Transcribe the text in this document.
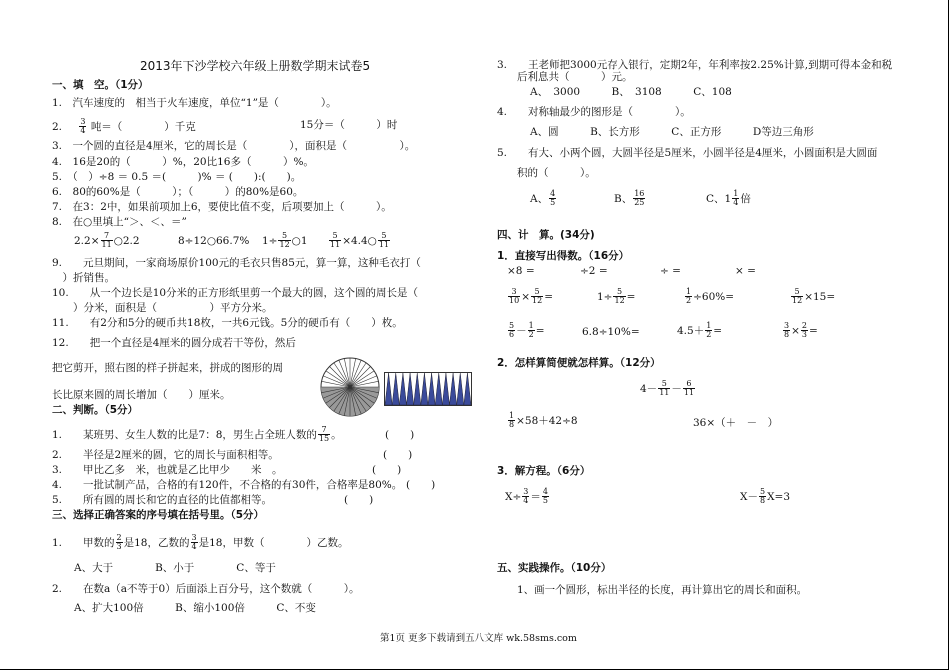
2013年下沙学校六年级上册数学期末试卷5
一、填　空。（1分）
1.　汽车速度的　相当于火车速度，单位“1”是（　　　　）。
2. $\frac{3}{4}$ 吨＝（　　　　）千克	15分＝（　　　）时
3.　一个圆的直径是4厘米，它的周长是（　　　　），面积是（　　　　　）。
4.　16是20的（　　　）%，20比16多（　　　）%。
5.　（　）÷8 ＝ 0.5 ＝(　　　)% ＝ (　　):(　　)。
6.　80的60%是（　　　）；（　　　）的80%是60。
7.　在3：2中，如果前项加上6，要使比值不变，后项要加上（　　　）。
8.　在○里填上“＞、＜、＝”
$2.2\times \frac{7}{11}$ ○2.2	8÷12○66.7% $1\div \frac{5}{12}$ ○1	$\frac{5}{11}$ ×4.4○ $\frac{5}{11}$
9.　　元旦期间，一家商场原价100元的毛衣只售85元，算一算，这种毛衣打（
　）折销售。
10.　　从一个边长是10分米的正方形纸里剪一个最大的圆，这个圆的周长是（
　　）分米，面积是（　　　　　）平方分米。
11.　　有2分和5分的硬币共18枚，一共6元钱。5分的硬币有（　　）枚。
12.　　把一个直径是4厘米的圆分成若干等份，然后
把它剪开，照右图的样子拼起来，拼成的图形的周
长比原来圆的周长增加（　　）厘米。
二、判断。（5分）
1.　　某班男、女生人数的比是7：8，男生占全班人数的 $\frac{7}{15}$ 。	(　　)
2.　　半径是2厘米的圆，它的周长与面积相等。	(　　)
3.　　甲比乙多　米，也就是乙比甲少　　米　。	(　　)
4.　　一批试制产品，合格的有120件，不合格的有30件，合格率是80%。 (　　)
5.　　所有圆的周长和它的直径的比值都相等。	(　　)
三、选择正确答案的序号填在括号里。（5分）
1.　　甲数的 $\frac{2}{3}$ 是18，乙数的 $\frac{3}{4}$ 是18，甲数（　　　　）乙数。
A、大于　　　　B、小于　　　　C、等于
2.　　在数a（a不等于0）后面添上百分号，这个数就（　　　）。
A、扩大100倍　　　B、缩小100倍　　　C、不变
3.　　王老师把3000元存入银行，定期2年，年利率按2.25%计算,到期可得本金和税
后利息共（　　　）元。
A、　3000　　　B、　3108　　　C、108
4.　　对称轴最少的图形是（　　　　）。
A、圆　　　B、长方形　　　C、正方形　　　D等边三角形
5.　　有大、小两个圆，大圆半径是5厘米，小圆半径是4厘米，小圆面积是大圆面
积的（　　　）。
A、 $\frac{4}{5}$	B、 $\frac{16}{25}$	C、$1 \frac{1}{4}$ 倍
四、计　算。(34分)
1．直接写出得数。（16分）
×8 =	÷2 =	÷ =	× =
$\frac{3}{10} \times \frac{5}{12}$ =	$1\div \frac{5}{12}$ =	$\frac{1}{2} \div 60\%=$	$\frac{5}{12} \times 15=$
$\frac{5}{6} - \frac{1}{2}$ =	6.8÷10%=	$4.5+ \frac{1}{2}$ =	$\frac{3}{8} \times \frac{2}{3}$ =
2．怎样算简便就怎样算。（12分）
$4- \frac{5}{11} - \frac{6}{11}$
$\frac{1}{8} \times 58+42\div 8$	36×（＋　－　）
3．解方程。（6分）
$X\div \frac{3}{4} = \frac{4}{5}$	$X- \frac{5}{8} X=3$
五、实践操作。（10分）
1、画一个圆形，标出半径的长度，再计算出它的周长和面积。
第1页 更多下载请到五八文库 wk.58sms.com
